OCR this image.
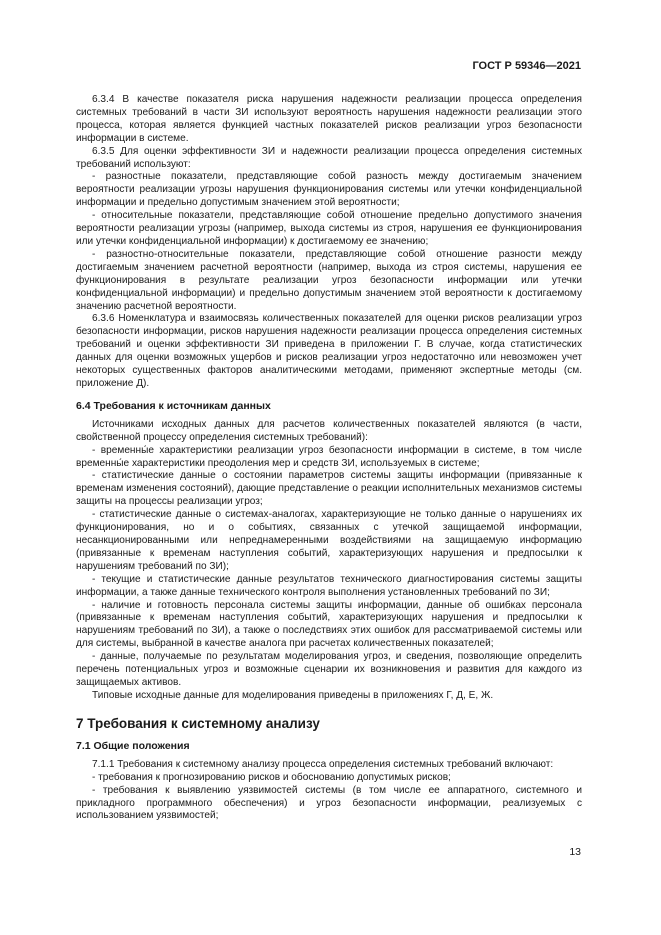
ГОСТ Р 59346—2021

6.3.4 В качестве показателя риска нарушения надежности реализации процесса определения системных требований в части ЗИ используют вероятность нарушения надежности реализации этого процесса, которая является функцией частных показателей рисков реализации угроз безопасности информации в системе.

6.3.5 Для оценки эффективности ЗИ и надежности реализации процесса определения системных требований используют:

- разностные показатели, представляющие собой разность между достигаемым значением вероятности реализации угрозы нарушения функционирования системы или утечки конфиденциальной информации и предельно допустимым значением этой вероятности;

- относительные показатели, представляющие собой отношение предельно допустимого значения вероятности реализации угрозы (например, выхода системы из строя, нарушения ее функционирования или утечки конфиденциальной информации) к достигаемому ее значению;

- разностно-относительные показатели, представляющие собой отношение разности между достигаемым значением расчетной вероятности (например, выхода из строя системы, нарушения ее функционирования в результате реализации угроз безопасности информации или утечки конфиденциальной информации) и предельно допустимым значением этой вероятности к достигаемому значению расчетной вероятности.

6.3.6 Номенклатура и взаимосвязь количественных показателей для оценки рисков реализации угроз безопасности информации, рисков нарушения надежности реализации процесса определения системных требований и оценки эффективности ЗИ приведена в приложении Г. В случае, когда статистических данных для оценки возможных ущербов и рисков реализации угроз недостаточно или невозможен учет некоторых существенных факторов аналитическими методами, применяют экспертные методы (см. приложение Д).

6.4 Требования к источникам данных

Источниками исходных данных для расчетов количественных показателей являются (в части, свойственной процессу определения системных требований):

- временны́е характеристики реализации угроз безопасности информации в системе, в том числе временны́е характеристики преодоления мер и средств ЗИ, используемых в системе;

- статистические данные о состоянии параметров системы защиты информации (привязанные к временам изменения состояний), дающие представление о реакции исполнительных механизмов системы защиты на процессы реализации угроз;

- статистические данные о системах-аналогах, характеризующие не только данные о нарушениях их функционирования, но и о событиях, связанных с утечкой защищаемой информации, несанкционированными или непреднамеренными воздействиями на защищаемую информацию (привязанные к временам наступления событий, характеризующих нарушения и предпосылки к нарушениям требований по ЗИ);

- текущие и статистические данные результатов технического диагностирования системы защиты информации, а также данные технического контроля выполнения установленных требований по ЗИ;

- наличие и готовность персонала системы защиты информации, данные об ошибках персонала (привязанные к временам наступления событий, характеризующих нарушения и предпосылки к нарушениям требований по ЗИ), а также о последствиях этих ошибок для рассматриваемой системы или для системы, выбранной в качестве аналога при расчетах количественных показателей;

- данные, получаемые по результатам моделирования угроз, и сведения, позволяющие определить перечень потенциальных угроз и возможные сценарии их возникновения и развития для каждого из защищаемых активов.

Типовые исходные данные для моделирования приведены в приложениях Г, Д, Е, Ж.

7 Требования к системному анализу
7.1 Общие положения

7.1.1 Требования к системному анализу процесса определения системных требований включают:

- требования к прогнозированию рисков и обоснованию допустимых рисков;

- требования к выявлению уязвимостей системы (в том числе ее аппаратного, системного и прикладного программного обеспечения) и угроз безопасности информации, реализуемых с использованием уязвимостей;

13
